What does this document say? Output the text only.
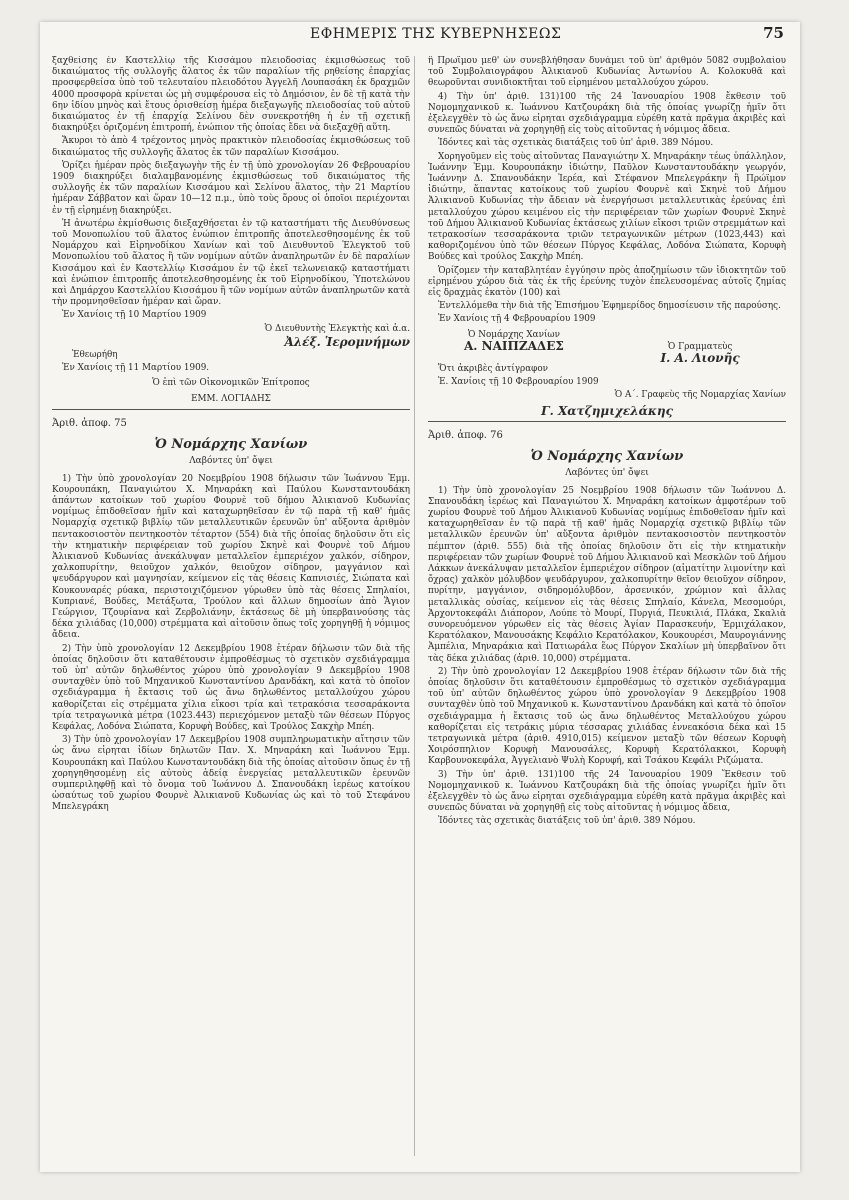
ΕΦΗΜΕΡΙΣ ΤΗΣ ΚΥΒΕΡΝΗΣΕΩΣ	75

ξαχθείσης ἐν Καστελλίῳ τῆς Κισσάμου πλειοδοσίας ἐκμισθώσεως τοῦ δικαιώματος τῆς συλλογῆς ἅλατος ἐκ τῶν παραλίων τῆς ρηθείσης ἐπαρχίας προσφερθείσα ὑπὸ τοῦ τελευταίου πλειοδότου Ἀγγελῆ Λουπασάκη ἐκ δραχμῶν 4000 προσφορὰ κρίνεται ὡς μὴ συμφέρουσα εἰς τὸ Δημόσιον, ἐν δὲ τῇ κατὰ τὴν 6ην ἰδίου μηνὸς καὶ ἔτους ὁρισθείσῃ ἡμέρα διεξαγωγῆς πλειοδοσίας τοῦ αὐτοῦ δικαιώματος ἐν τῇ ἐπαρχίᾳ Σελίνου δὲν συνεκροτήθη ἡ ἐν τῇ σχετικῇ διακηρύξει ὁριζομένη ἐπιτροπή, ἐνώπιον τῆς ὁποίας ἔδει νὰ διεξαχθῇ αὕτη.

Ἄκυροι τὸ ἀπὸ 4 τρέχοντος μηνὸς πρακτικὸν πλειοδοσίας ἐκμισθώσεως τοῦ δικαιώματος τῆς συλλογῆς ἅλατος ἐκ τῶν παραλίων Κισσάμου.

Ὁρίζει ἡμέραν πρὸς διεξαγωγὴν τῆς ἐν τῇ ὑπὸ χρονολογίαν 26 Φεβρουαρίου 1909 διακηρύξει διαλαμβανομένης ἐκμισθώσεως τοῦ δικαιώματος τῆς συλλογῆς ἐκ τῶν παραλίων Κισσάμου καὶ Σελίνου ἅλατος, τὴν 21 Μαρτίου ἡμέραν Σάββατον καὶ ὥραν 10—12 π.μ., ὑπὸ τοὺς ὅρους οἱ ὁποῖοι περιέχονται ἐν τῇ εἰρημένῃ διακηρύξει.

Ἡ ἀνωτέρω ἐκμίσθωσις διεξαχθήσεται ἐν τῷ καταστήματι τῆς Διευθύνσεως τοῦ Μονοπωλίου τοῦ ἅλατος ἐνώπιον ἐπιτροπῆς ἀποτελεσθησομένης ἐκ τοῦ Νομάρχου καὶ Εἰρηνοδίκου Χανίων καὶ τοῦ Διευθυντοῦ Ἐλεγκτοῦ τοῦ Μονοπωλίου τοῦ ἅλατος ἢ τῶν νομίμων αὐτῶν ἀναπληρωτῶν ἐν δὲ παραλίων Κισσάμου καὶ ἐν Καστελλίῳ Κισσάμου ἐν τῷ ἐκεῖ τελωνειακῷ καταστήματι καὶ ἐνώπιον ἐπιτροπῆς ἀποτελεσθησομένης ἐκ τοῦ Εἰρηνοδίκου, Ὑποτελώνου καὶ Δημάρχου Καστελλίου Κισσάμου ἢ τῶν νομίμων αὐτῶν ἀναπληρωτῶν κατὰ τὴν προμνησθεῖσαν ἡμέραν καὶ ὥραν.

Ἐν Χανίοις τῇ 10 Μαρτίου 1909

Ὁ Διευθυντὴς Ἐλεγκτὴς καὶ ἁ.α.

Ἀλέξ. Ἱερομνήμων

Ἐθεωρήθη

Ἐν Χανίοις τῇ 11 Μαρτίου 1909.

Ὁ ἐπὶ τῶν Οἰκονομικῶν Ἐπίτροπος

ΕΜΜ. ΛΟΓΙΑΔΗΣ

Ἀριθ. ἀποφ. 75

Ὁ Νομάρχης Χανίων

Λαβόντες ὑπ' ὄψει

1) Τὴν ὑπὸ χρονολογίαν 20 Νοεμβρίου 1908 δήλωσιν τῶν Ἰωάννου Ἐμμ. Κουρουπάκη, Παναγιώτου Χ. Μηναράκη καὶ Παύλου Κωνσταντουδάκη ἁπάντων κατοίκων τοῦ χωρίου Φουρνὲ τοῦ δήμου Ἀλικιανοῦ Κυδωνίας νομίμως ἐπιδοθεῖσαν ἡμῖν καὶ καταχωρηθεῖσαν ἐν τῷ παρὰ τῇ καθ' ἡμᾶς Νομαρχίᾳ σχετικῷ βιβλίῳ τῶν μεταλλευτικῶν ἐρευνῶν ὑπ' αὔξοντα ἀριθμὸν πεντακοσιοστὸν πεντηκοστὸν τέταρτον (554) διὰ τῆς ὁποίας δηλοῦσιν ὅτι εἰς τὴν κτηματικὴν περιφέρειαν τοῦ χωρίου Σκηνὲ καὶ Φουρνὲ τοῦ Δήμου Ἀλικιανοῦ Κυδωνίας ἀνεκάλυψαν μεταλλεῖον ἐμπεριέχον χαλκόν, σίδηρον, χαλκοπυρίτην, θειοῦχον χαλκόν, θειοῦχον σίδηρον, μαγγάνιον καὶ ψευδάργυρον καὶ μαγνησίαν, κείμενον εἰς τὰς θέσεις Καπνισιές, Σιώπατα καὶ Κουκουναρές ρύακα, περιστοιχιζόμενον γύρωθεν ὑπὸ τὰς θέσεις Σπηλαίοι, Κυπριανέ, Βούδες, Μετάξωτα, Τρούλον καὶ ἄλλων δημοσίων ἀπὸ Ἅγιον Γεώργιον, Τζουρίανα καὶ Ζερβολιάνην, ἐκτάσεως δὲ μὴ ὑπερβαινούσης τὰς δέκα χιλιάδας (10,000) στρέμματα καὶ αἰτοῦσιν ὅπως τοῖς χορηγηθῇ ἡ νόμιμος ἄδεια.

2) Τὴν ὑπὸ χρονολογίαν 12 Δεκεμβρίου 1908 ἑτέραν δήλωσιν τῶν διὰ τῆς ὁποίας δηλοῦσιν ὅτι καταθέτουσιν ἐμπροθέσμως τὸ σχετικὸν σχεδιάγραμμα τοῦ ὑπ' αὐτῶν δηλωθέντος χώρου ὑπὸ χρονολογίαν 9 Δεκεμβρίου 1908 συνταχθὲν ὑπὸ τοῦ Μηχανικοῦ Κωνσταντίνου Δρανδάκη, καὶ κατὰ τὸ ὁποῖον σχεδιάγραμμα ἡ ἔκτασις τοῦ ὡς ἄνω δηλωθέντος μεταλλούχου χώρου καθορίζεται εἰς στρέμματα χίλια εἴκοσι τρία καὶ τετρακόσια τεσσαράκοντα τρία τετραγωνικὰ μέτρα (1023.443) περιεχόμενον μεταξὺ τῶν θέσεων Πύργος Κεφάλας, Λοδόνα Σιώπατα, Κορυφὴ Βούδες, καὶ Τρούλος Σακχὴρ Μπέη.

3) Τὴν ὑπὸ χρονολογίαν 17 Δεκεμβρίου 1908 συμπληρωματικὴν αἴτησιν τῶν ὡς ἄνω εἰρηται ἰδίων δηλωτῶν Παν. Χ. Μηναράκη καὶ Ἰωάννου Ἐμμ. Κουρουπάκη καὶ Παύλου Κωνσταντουδάκη διὰ τῆς ὁποίας αἰτοῦσιν ὅπως ἐν τῇ χορηγηθησομένῃ εἰς αὐτοὺς ἀδείᾳ ἐνεργείας μεταλλευτικῶν ἐρευνῶν συμπεριληφθῇ καὶ τὸ ὄνομα τοῦ Ἰωάννου Δ. Σπανουδάκη ἱερέως κατοίκου ὡσαύτως τοῦ χωρίου Φουρνὲ Ἀλικιανοῦ Κυδωνίας ὡς καὶ τὸ τοῦ Στεφάνου Μπελεγράκη

ἢ Πρωΐμου μεθ' ὧν συνεβλήθησαν δυνάμει τοῦ ὑπ' ἀριθμὸν 5082 συμβολαίου τοῦ Συμβολαιογράφου Ἀλικιανοῦ Κυδωνίας Ἀντωνίου Α. Κολοκυθᾶ καὶ θεωροῦνται συνιδιοκτῆται τοῦ εἰρημένου μεταλλούχου χώρου.

4) Τὴν ὑπ' ἀριθ. 131)100 τῆς 24 Ἰανουαρίου 1908 ἔκθεσιν τοῦ Νομομηχανικοῦ κ. Ἰωάννου Κατζουράκη διὰ τῆς ὁποίας γνωρίζῃ ἡμῖν ὅτι ἐξελεγχθὲν τὸ ὡς ἄνω εἰρηται σχεδιάγραμμα εὑρέθη κατὰ πρᾶγμα ἀκριβὲς καὶ συνεπῶς δύναται νὰ χορηγηθῇ εἰς τοὺς αἰτοῦντας ἡ νόμιμος ἄδεια.

Ἰδόντες καὶ τὰς σχετικὰς διατάξεις τοῦ ὑπ' ἀριθ. 389 Νόμου.

Χορηγοῦμεν εἰς τοὺς αἰτοῦντας Παναγιώτην Χ. Μηναράκην τέως ὑπάλληλον, Ἰωάννην Ἐμμ. Κουρουπάκην ἰδιώτην, Παῦλον Κωνσταντουδάκην γεωργόν, Ἰωάννην Δ. Σπανουδάκην Ἱερέα, καὶ Στέφανον Μπελεγράκην ἢ Πρώϊμον ἰδιώτην, ἅπαντας κατοίκους τοῦ χωρίου Φουρνὲ καὶ Σκηνὲ τοῦ Δήμου Ἀλικιανοῦ Κυδωνίας τὴν ἄδειαν νὰ ἐνεργήσωσι μεταλλευτικὰς ἐρεύνας ἐπὶ μεταλλούχου χώρου κειμένου εἰς τὴν περιφέρειαν τῶν χωρίων Φουρνὲ Σκηνὲ τοῦ Δήμου Ἀλικιανοῦ Κυδωνίας ἐκτάσεως χιλίων εἴκοσι τριῶν στρεμμάτων καὶ τετρακοσίων τεσσαράκοντα τριῶν τετραγωνικῶν μέτρων (1023,443) καὶ καθοριζομένου ὑπὸ τῶν θέσεων Πύργος Κεφάλας, Λοδόνα Σιώπατα, Κορυφὴ Βούδες καὶ τρούλος Σακχὴρ Μπέη.

Ὁρίζομεν τὴν καταβλητέαν ἐγγύησιν πρὸς ἀποζημίωσιν τῶν ἰδιοκτητῶν τοῦ εἰρημένου χώρου διὰ τὰς ἐκ τῆς ἐρεύνης τυχὸν ἐπελευσομένας αὐτοῖς ζημίας εἰς δραχμὰς ἑκατὸν (100) καὶ

Ἐντελλόμεθα τὴν διὰ τῆς Ἐπισήμου Ἐφημερίδος δημοσίευσιν τῆς παρούσης.

Ἐν Χανίοις τῇ 4 Φεβρουαρίου 1909

Ὁ Νομάρχης Χανίων
Α. ΝΑΙΠΖΑΔΕΣ	Ὁ Γραμματεὺς
Ι. Α. Λιονῆς

Ὅτι ἀκριβὲς ἀντίγραφον

Ἐ. Χανίοις τῇ 10 Φεβρουαρίου 1909

Ὁ Α΄. Γραφεὺς τῆς Νομαρχίας Χανίων

Γ. Χατζημιχελάκης

Ἀριθ. ἀποφ. 76

Ὁ Νομάρχης Χανίων

Λαβόντες ὑπ' ὄψει

1) Τὴν ὑπὸ χρονολογίαν 25 Νοεμβρίου 1908 δήλωσιν τῶν Ἰωάννου Δ. Σπανουδάκη ἱερέως καὶ Παναγιώτου Χ. Μηναράκη κατοίκων ἀμφοτέρων τοῦ χωρίου Φουρνὲ τοῦ Δήμου Ἀλικιανοῦ Κυδωνίας νομίμως ἐπιδοθεῖσαν ἡμῖν καὶ καταχωρηθεῖσαν ἐν τῷ παρὰ τῇ καθ' ἡμᾶς Νομαρχίᾳ σχετικῷ βιβλίῳ τῶν μεταλλικῶν ἐρευνῶν ὑπ' αὔξοντα ἀριθμὸν πεντακοσιοστὸν πεντηκοστὸν πέμπτον (ἀριθ. 555) διὰ τῆς ὁποίας δηλοῦσιν ὅτι εἰς τὴν κτηματικὴν περιφέρειαν τῶν χωρίων Φουρνὲ τοῦ Δήμου Ἀλικιανοῦ καὶ Μεσκλῶν τοῦ Δήμου Λάκκων ἀνεκάλυψαν μεταλλεῖον ἐμπεριέχον σίδηρον (αἱματίτην λιμονίτην καὶ ὄχρας) χαλκὸν μόλυβδον ψευδάργυρον, χαλκοπυρίτην θεῖον θειοῦχον σίδηρον, πυρίτην, μαγγάνιον, σιδηρομόλυβδον, ἀρσενικόν, χρώμιον καὶ ἄλλας μεταλλικὰς οὐσίας, κείμενον εἰς τὰς θέσεις Σπηλαίο, Κάνελα, Μεσομούρι, Ἀρχοντοκεφάλι Διάπορον, Λούπε τὸ Μουρί, Πυργιά, Πευκιλιά, Πλάκα, Σκαλιὰ συνορευόμενον γύρωθεν εἰς τὰς θέσεις Ἁγίαν Παρασκευήν, Ἐρμιχάλακον, Κερατόλακον, Μανουσάκης Κεφάλιο Κερατόλακον, Κουκουρέσι, Μαυρογιάννης Ἀμπέλια, Μηναράκια καὶ Πατιωράλα ἕως Πύργον Σκαλίων μὴ ὑπερβαῖνον ὅτι τὰς δέκα χιλιάδας (ἀριθ. 10,000) στρέμματα.

2) Τὴν ὑπὸ χρονολογίαν 12 Δεκεμβρίου 1908 ἑτέραν δήλωσιν τῶν διὰ τῆς ὁποίας δηλοῦσιν ὅτι καταθέτουσιν ἐμπροθέσμως τὸ σχετικὸν σχεδιάγραμμα τοῦ ὑπ' αὐτῶν δηλωθέντος χώρου ὑπὸ χρονολογίαν 9 Δεκεμβρίου 1908 συνταχθὲν ὑπὸ τοῦ Μηχανικοῦ κ. Κωνσταντίνου Δρανδάκη καὶ κατὰ τὸ ὁποῖον σχεδιάγραμμα ἡ ἔκτασις τοῦ ὡς ἄνω δηλωθέντος Μεταλλούχου χώρου καθορίζεται εἰς τετράκις μύρια τέσσαρας χιλιάδας ἐννεακόσια δέκα καὶ 15 τετραγωνικὰ μέτρα (ἀριθ. 4910,015) κείμενον μεταξὺ τῶν θέσεων Κορυφὴ Χοιρόσπηλιον Κορυφὴ Μανουσάλες, Κορυφὴ Κερατόλακκοι, Κορυφὴ Καρβουνοκεφάλα, Ἀγγελιανὸ Ψυλὴ Κορυφή, καὶ Τσάκου Κεφάλι Ριζώματα.

3) Τὴν ὑπ' ἀριθ. 131)100 τῆς 24 Ἰανουαρίου 1909 Ἔκθεσιν τοῦ Νομομηχανικοῦ κ. Ἰωάννου Κατζουράκη διὰ τῆς ὁποίας γνωρίζει ἡμῖν ὅτι ἐξελεγχθὲν τὸ ὡς ἄνω εἰρηται σχεδιάγραμμα εὑρέθη κατὰ πρᾶγμα ἀκριβὲς καὶ συνεπῶς δύναται νὰ χορηγηθῇ εἰς τοὺς αἰτοῦντας ἡ νόμιμος ἄδεια,

Ἰδόντες τὰς σχετικὰς διατάξεις τοῦ ὑπ' ἀριθ. 389 Νόμου.
